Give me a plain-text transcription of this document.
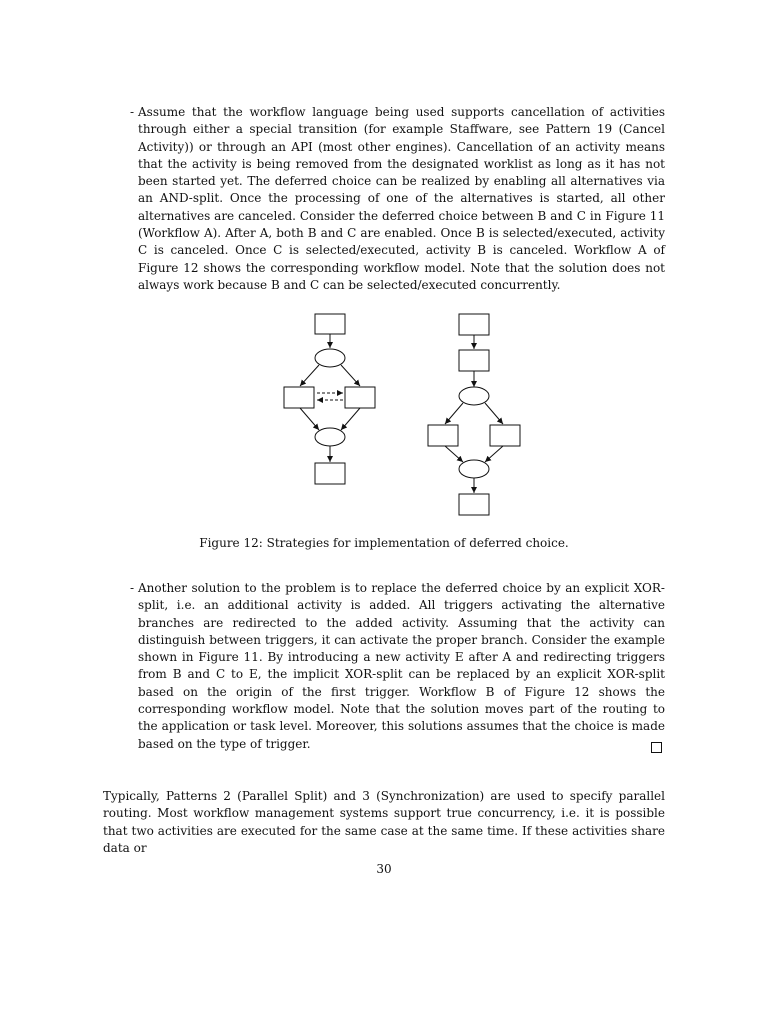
- Assume that the workflow language being used supports cancellation of activities through either a special transition (for example Staffware, see Pattern 19 (Cancel Activity)) or through an API (most other engines). Cancellation of an activity means that the activity is being removed from the designated worklist as long as it has not been started yet. The deferred choice can be realized by enabling all alternatives via an AND-split. Once the processing of one of the alternatives is started, all other alternatives are canceled. Consider the deferred choice between B and C in Figure 11 (Workflow A). After A, both B and C are enabled. Once B is selected/executed, activity C is canceled. Once C is selected/executed, activity B is canceled. Workflow A of Figure 12 shows the corresponding workflow model. Note that the solution does not always work because B and C can be selected/executed concurrently.
Figure 12: Strategies for implementation of deferred choice.
- Another solution to the problem is to replace the deferred choice by an explicit XOR-split, i.e. an additional activity is added. All triggers activating the alternative branches are redirected to the added activity. Assuming that the activity can distinguish between triggers, it can activate the proper branch. Consider the example shown in Figure 11. By introducing a new activity E after A and redirecting triggers from B and C to E, the implicit XOR-split can be replaced by an explicit XOR-split based on the origin of the first trigger. Workflow B of Figure 12 shows the corresponding workflow model. Note that the solution moves part of the routing to the application or task level. Moreover, this solutions assumes that the choice is made based on the type of trigger.
Typically, Patterns 2 (Parallel Split) and 3 (Synchronization) are used to specify parallel routing. Most workflow management systems support true concurrency, i.e. it is possible that two activities are executed for the same case at the same time. If these activities share data or
30
